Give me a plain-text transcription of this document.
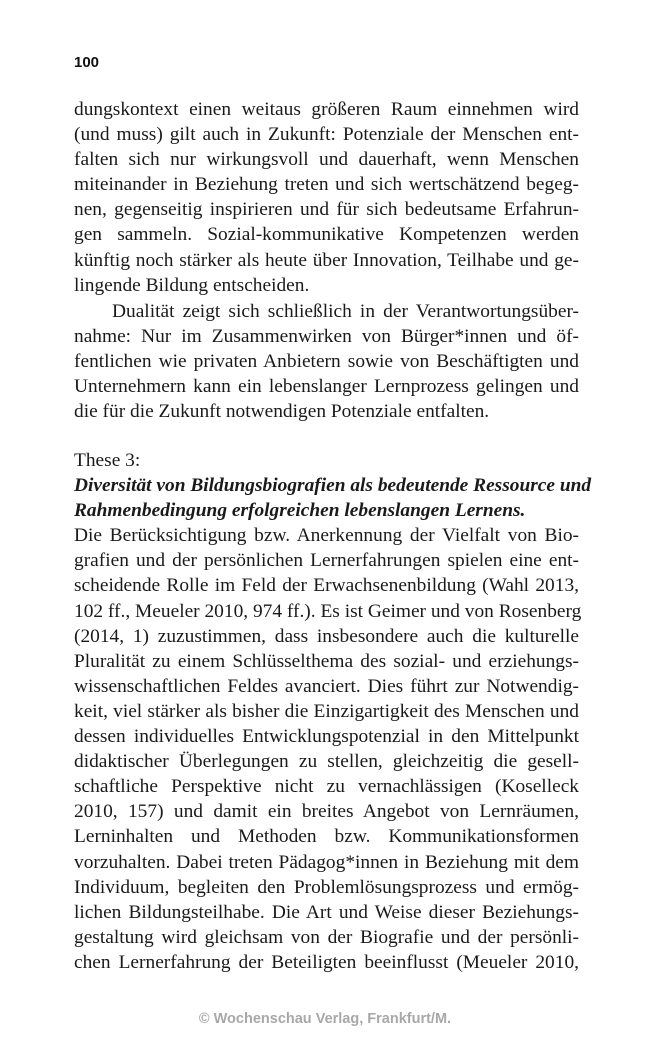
100
dungskontext einen weitaus größeren Raum einnehmen wird
(und muss) gilt auch in Zukunft: Potenziale der Menschen ent-
falten sich nur wirkungsvoll und dauerhaft, wenn Menschen
miteinander in Beziehung treten und sich wertschätzend begeg-
nen, gegenseitig inspirieren und für sich bedeutsame Erfahrun-
gen sammeln. Sozial-kommunikative Kompetenzen werden
künftig noch stärker als heute über Innovation, Teilhabe und ge-
lingende Bildung entscheiden.
Dualität zeigt sich schließlich in der Verantwortungsüber-
nahme: Nur im Zusammenwirken von Bürger*innen und öf-
fentlichen wie privaten Anbietern sowie von Beschäftigten und
Unternehmern kann ein lebenslanger Lernprozess gelingen und
die für die Zukunft notwendigen Potenziale entfalten.
These 3:
Diversität von Bildungsbiografien als bedeutende Ressource und
Rahmenbedingung erfolgreichen lebenslangen Lernens.
Die Berücksichtigung bzw. Anerkennung der Vielfalt von Bio-
grafien und der persönlichen Lernerfahrungen spielen eine ent-
scheidende Rolle im Feld der Erwachsenenbildung (Wahl 2013,
102 ff., Meueler 2010, 974 ff.). Es ist Geimer und von Rosenberg
(2014, 1) zuzustimmen, dass insbesondere auch die kulturelle
Pluralität zu einem Schlüsselthema des sozial- und erziehungs-
wissenschaftlichen Feldes avanciert. Dies führt zur Notwendig-
keit, viel stärker als bisher die Einzigartigkeit des Menschen und
dessen individuelles Entwicklungspotenzial in den Mittelpunkt
didaktischer Überlegungen zu stellen, gleichzeitig die gesell-
schaftliche Perspektive nicht zu vernachlässigen (Koselleck
2010, 157) und damit ein breites Angebot von Lernräumen,
Lerninhalten und Methoden bzw. Kommunikationsformen
vorzuhalten. Dabei treten Pädagog*innen in Beziehung mit dem
Individuum, begleiten den Problemlösungsprozess und ermög-
lichen Bildungsteilhabe. Die Art und Weise dieser Beziehungs-
gestaltung wird gleichsam von der Biografie und der persönli-
chen Lernerfahrung der Beteiligten beeinflusst (Meueler 2010,
© Wochenschau Verlag, Frankfurt/M.
